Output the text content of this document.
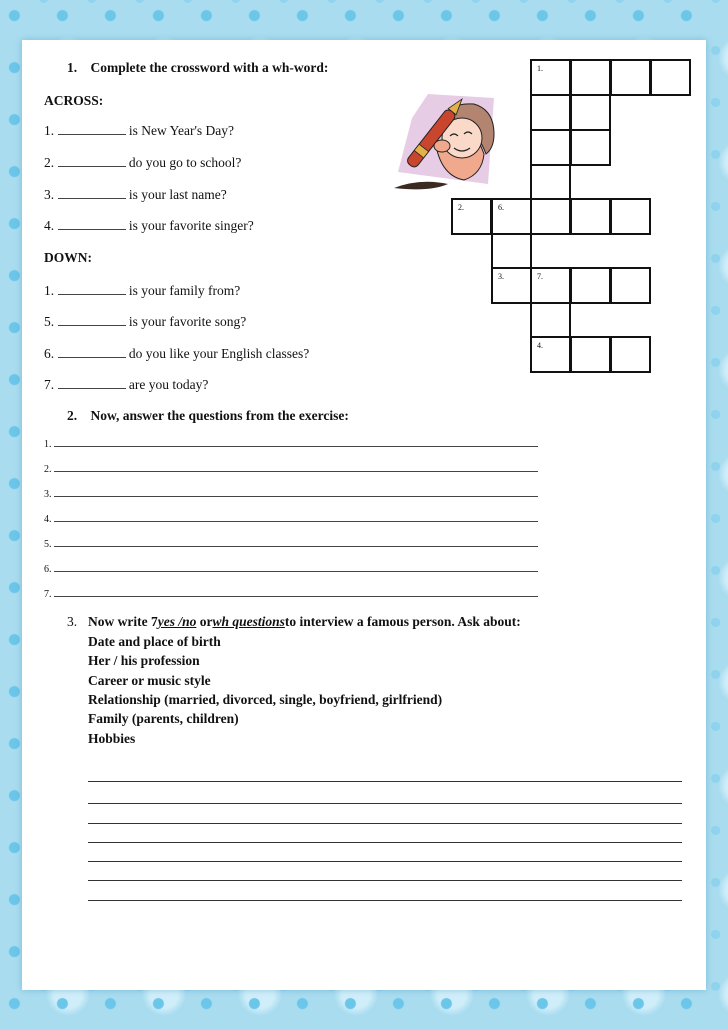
1. Complete the crossword with a wh-word:
ACROSS:
1.	is New Year's Day?
2.	do you go to school?
3.	is your last name?
4.	is your favorite singer?
DOWN:
1.	is your family from?
5.	is your favorite song?
6.	do you like your English classes?
7.	are you today?
1.
2.	6.
3.	7.
4.
2. Now, answer the questions from the exercise:
1.
2.
3.
4.
5.
6.
7.
3. Now write 7yes /no orwh questionsto interview a famous person. Ask about:
Date and place of birth
Her / his profession
Career or music style
Relationship (married, divorced, single, boyfriend, girlfriend)
Family (parents, children)
Hobbies
